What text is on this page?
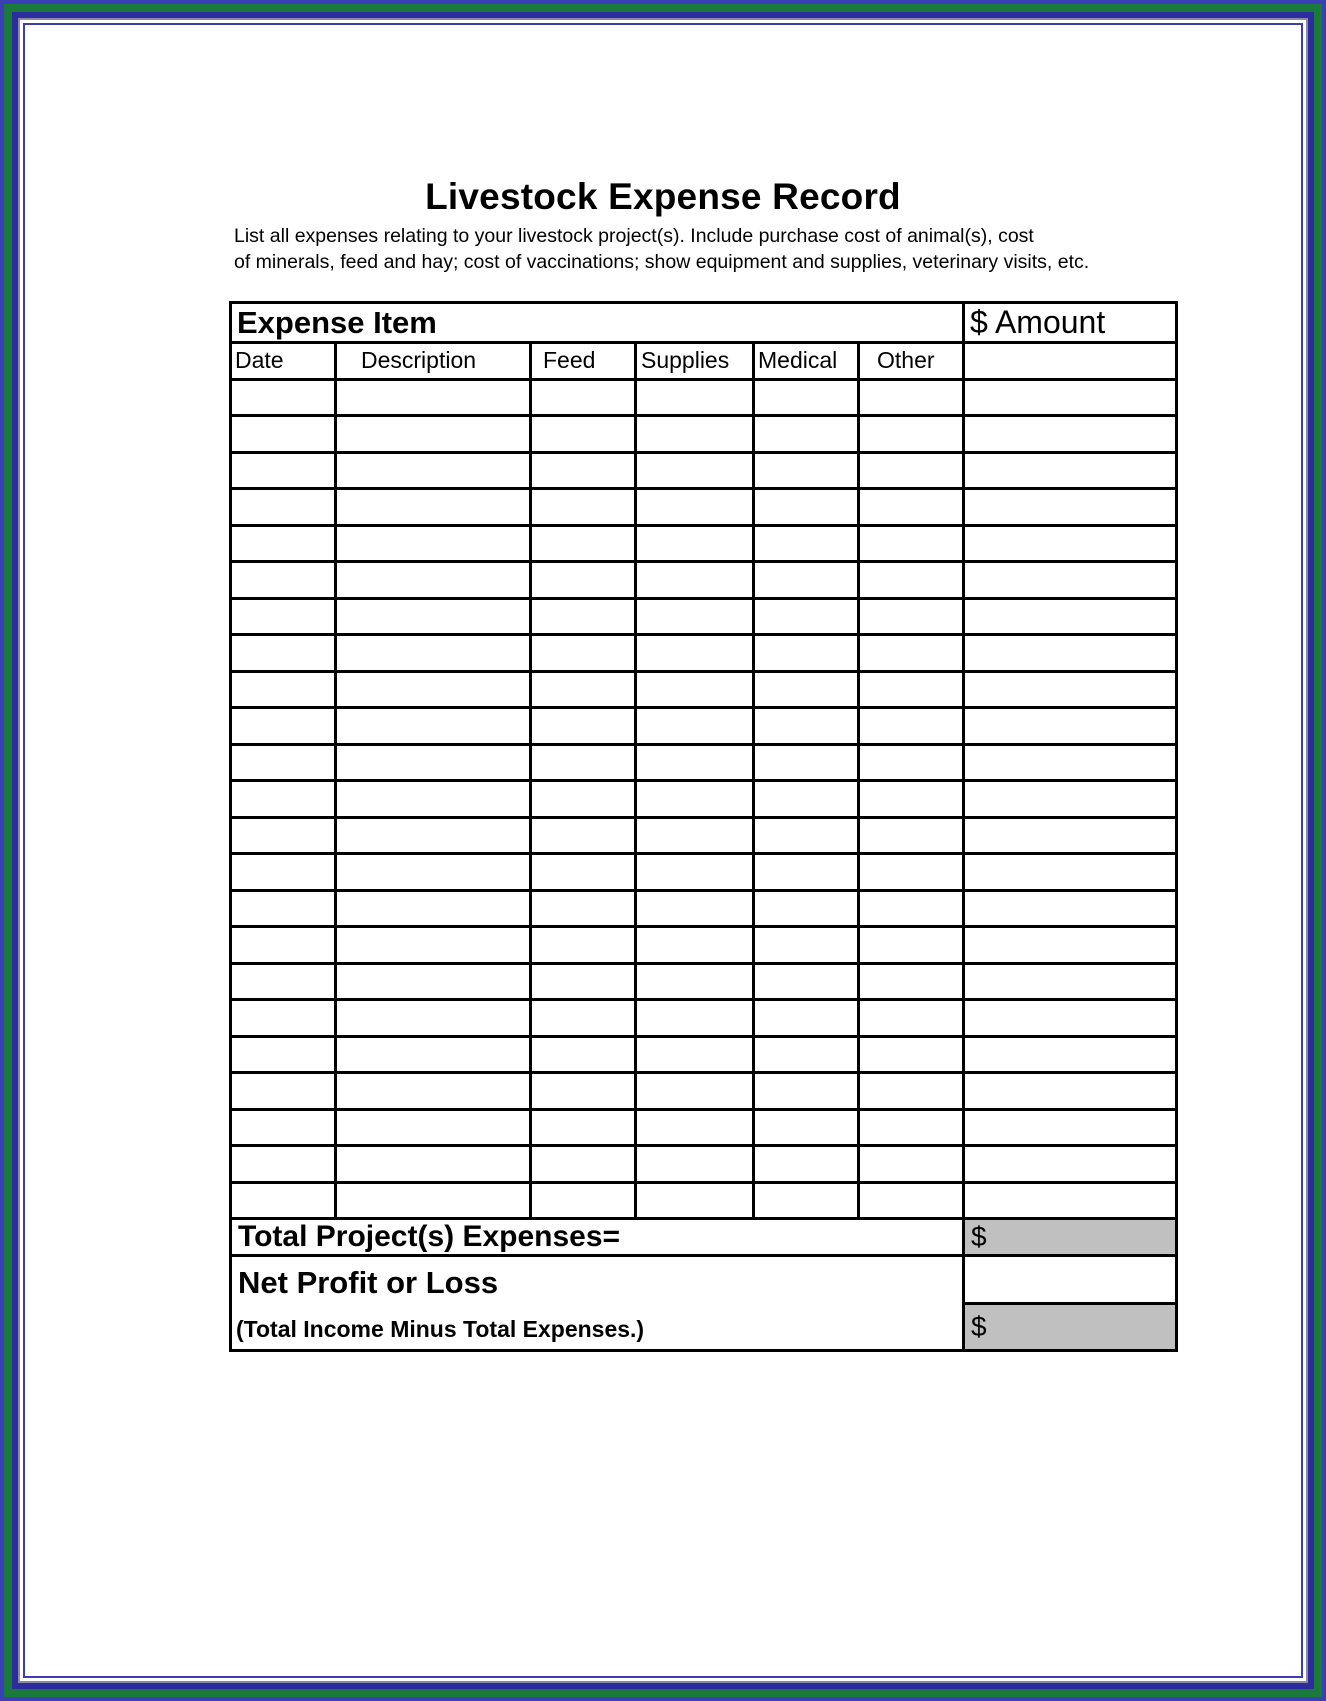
Livestock Expense Record
List all expenses relating to your livestock project(s). Include purchase cost of animal(s), cost
of minerals, feed and hay; cost of vaccinations; show equipment and supplies, veterinary visits, etc.
Expense Item						$ Amount
Date	Description	Feed	Supplies	Medical	Other	

Total Project(s) Expenses=						$

Net Profit or Loss
(Total Income Minus Total Expenses.)						$
